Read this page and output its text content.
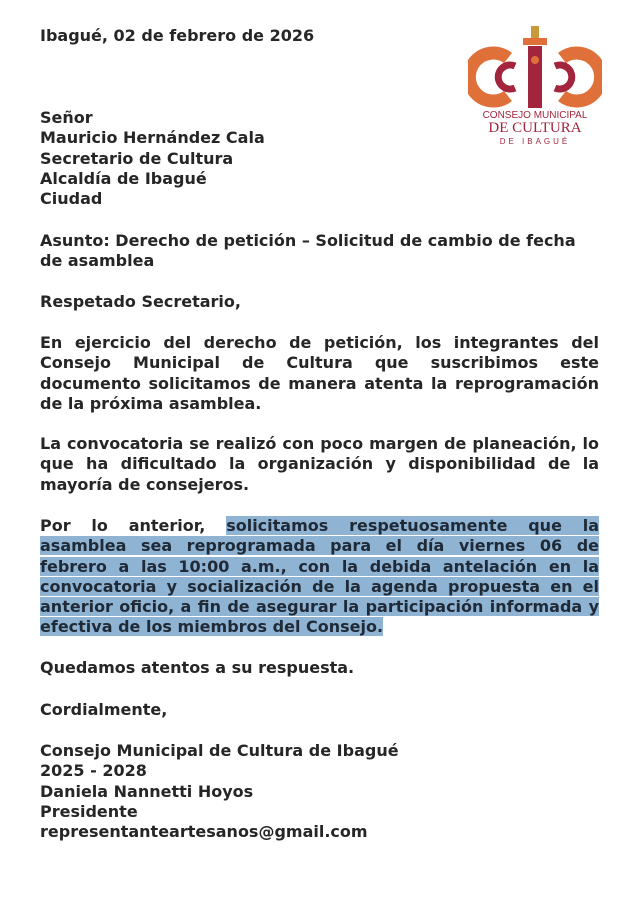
Ibagué, 02 de febrero de 2026

CONSEJO MUNICIPAL
DE CULTURA
DE IBAGUÉ
Señor
Mauricio Hernández Cala
Secretario de Cultura
Alcaldía de Ibagué
Ciudad

Asunto: Derecho de petición – Solicitud de cambio de fecha de asamblea

Respetado Secretario,

En ejercicio del derecho de petición, los integrantes del Consejo Municipal de Cultura que suscribimos este documento solicitamos de manera atenta la reprogramación de la próxima asamblea.

La convocatoria se realizó con poco margen de planeación, lo que ha dificultado la organización y disponibilidad de la mayoría de consejeros.

Por lo anterior, solicitamos respetuosamente que la asamblea sea reprogramada para el día viernes 06 de febrero a las 10:00 a.m., con la debida antelación en la convocatoria y socialización de la agenda propuesta en el anterior oficio, a fin de asegurar la participación informada y efectiva de los miembros del Consejo.

Quedamos atentos a su respuesta.

Cordialmente,

Consejo Municipal de Cultura de Ibagué
2025 - 2028
Daniela Nannetti Hoyos
Presidente
representanteartesanos@gmail.com
